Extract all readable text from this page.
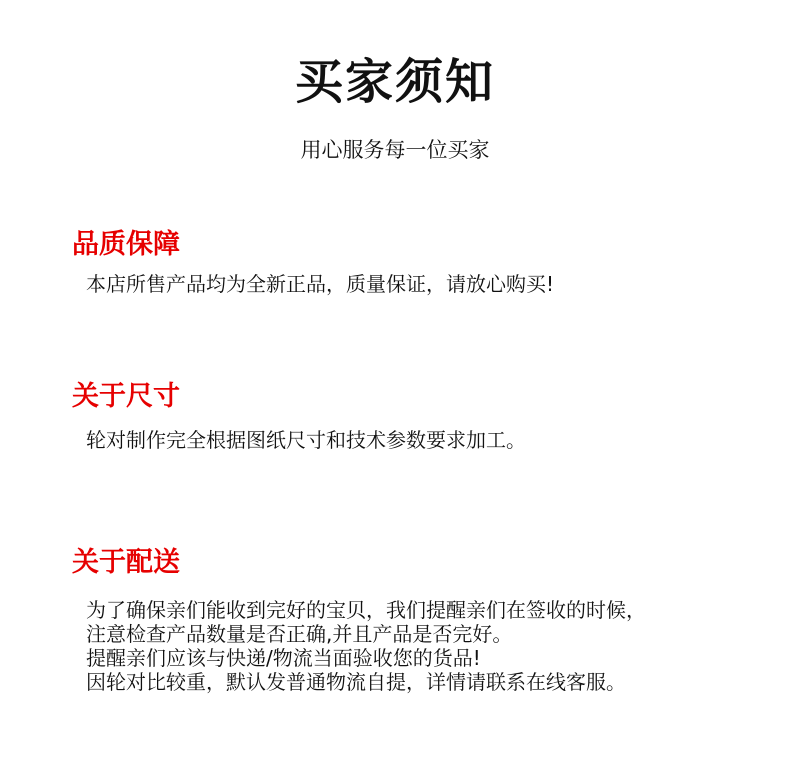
买家须知
用心服务每一位买家
品质保障
本店所售产品均为全新正品，质量保证，请放心购买!
关于尺寸
轮对制作完全根据图纸尺寸和技术参数要求加工。
关于配送
为了确保亲们能收到完好的宝贝，我们提醒亲们在签收的时候，
注意检查产品数量是否正确,并且产品是否完好。
提醒亲们应该与快递/物流当面验收您的货品!
因轮对比较重，默认发普通物流自提，详情请联系在线客服。
